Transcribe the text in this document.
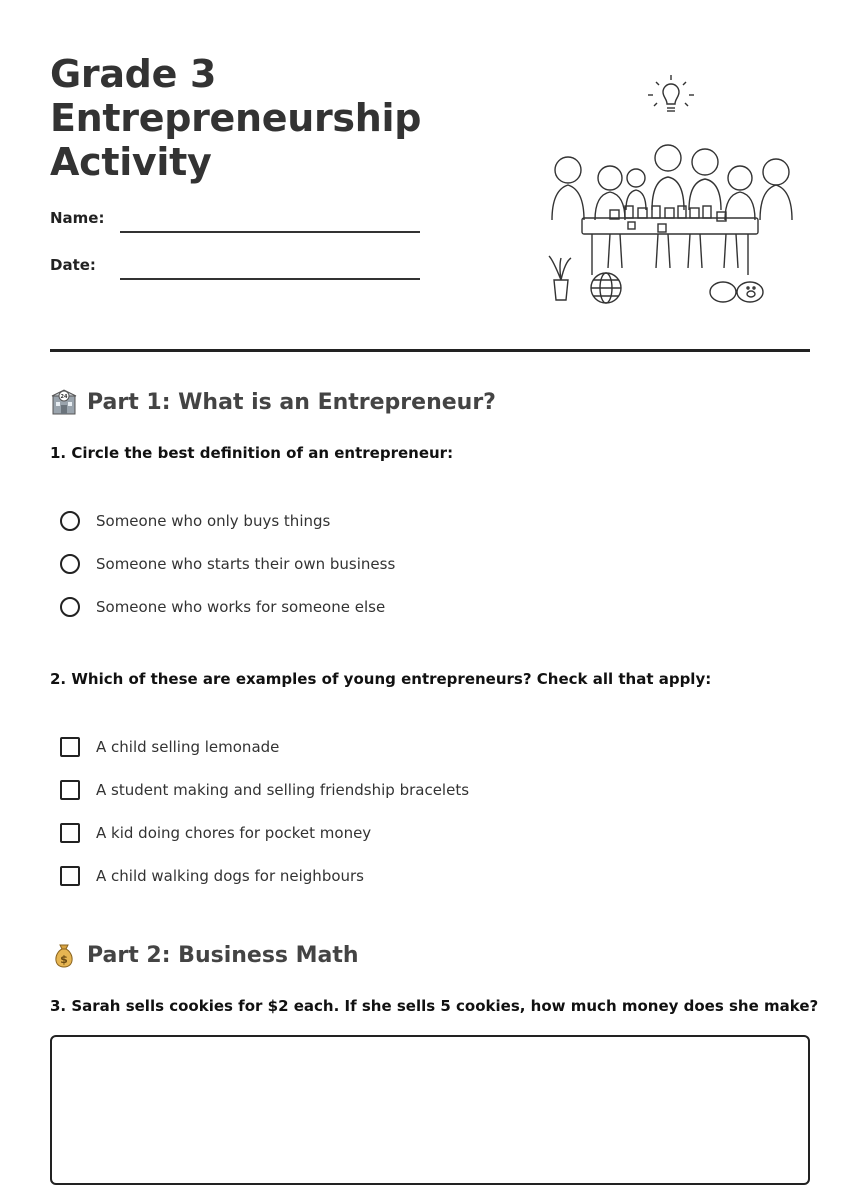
Grade 3
Entrepreneurship
Activity
Name:
Date:
24 Part 1: What is an Entrepreneur?
1. Circle the best definition of an entrepreneur:
Someone who only buys things
Someone who starts their own business
Someone who works for someone else
2. Which of these are examples of young entrepreneurs? Check all that apply:
A child selling lemonade
A student making and selling friendship bracelets
A kid doing chores for pocket money
A child walking dogs for neighbours
$ Part 2: Business Math
3. Sarah sells cookies for $2 each. If she sells 5 cookies, how much money does she make?
